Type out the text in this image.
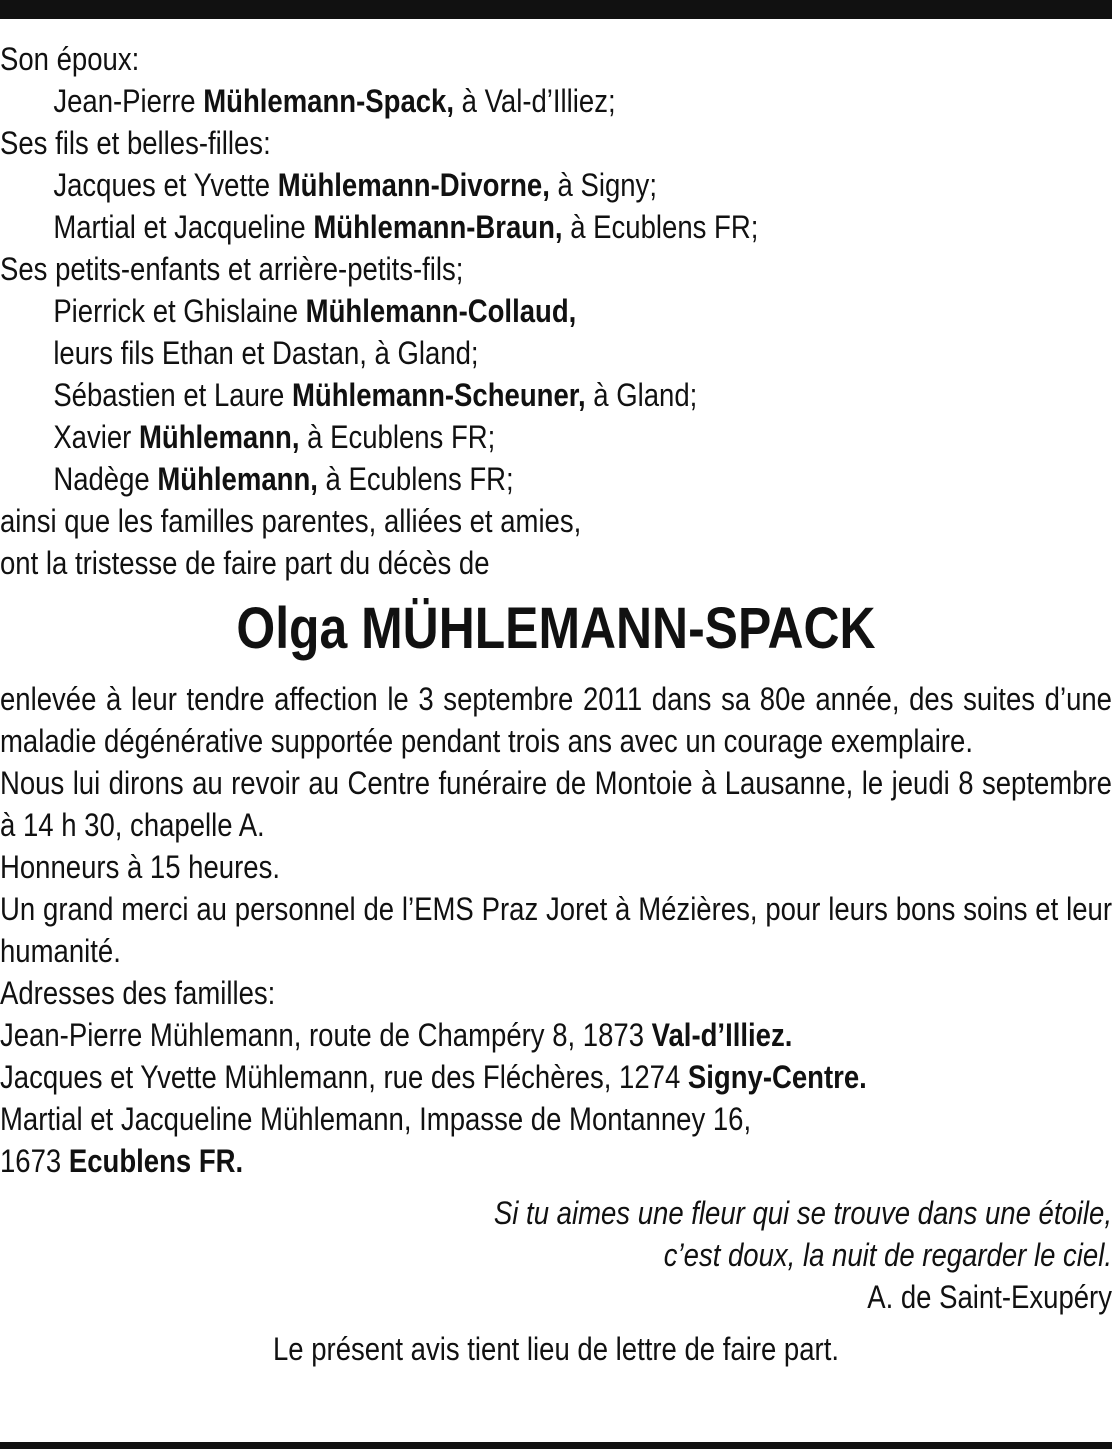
Son époux:
Jean-Pierre Mühlemann-Spack, à Val-d’Illiez;
Ses fils et belles-filles:
Jacques et Yvette Mühlemann-Divorne, à Signy;
Martial et Jacqueline Mühlemann-Braun, à Ecublens FR;
Ses petits-enfants et arrière-petits-fils;
Pierrick et Ghislaine Mühlemann-Collaud,
leurs fils Ethan et Dastan, à Gland;
Sébastien et Laure Mühlemann-Scheuner, à Gland;
Xavier Mühlemann, à Ecublens FR;
Nadège Mühlemann, à Ecublens FR;
ainsi que les familles parentes, alliées et amies,
ont la tristesse de faire part du décès de
Olga MÜHLEMANN-SPACK
enlevée à leur tendre affection le 3 septembre 2011 dans sa 80e année, des suites d’une maladie dégénérative supportée pendant trois ans avec un courage exemplaire.
Nous lui dirons au revoir au Centre funéraire de Montoie à Lausanne, le jeudi 8 septembre à 14 h 30, chapelle A.
Honneurs à 15 heures.
Un grand merci au personnel de l’EMS Praz Joret à Mézières, pour leurs bons soins et leur humanité.
Adresses des familles:
Jean-Pierre Mühlemann, route de Champéry 8, 1873 Val-d’Illiez.
Jacques et Yvette Mühlemann, rue des Fléchères, 1274 Signy-Centre.
Martial et Jacqueline Mühlemann, Impasse de Montanney 16,
1673 Ecublens FR.
Si tu aimes une fleur qui se trouve dans une étoile,
c’est doux, la nuit de regarder le ciel.
A. de Saint-Exupéry
Le présent avis tient lieu de lettre de faire part.
